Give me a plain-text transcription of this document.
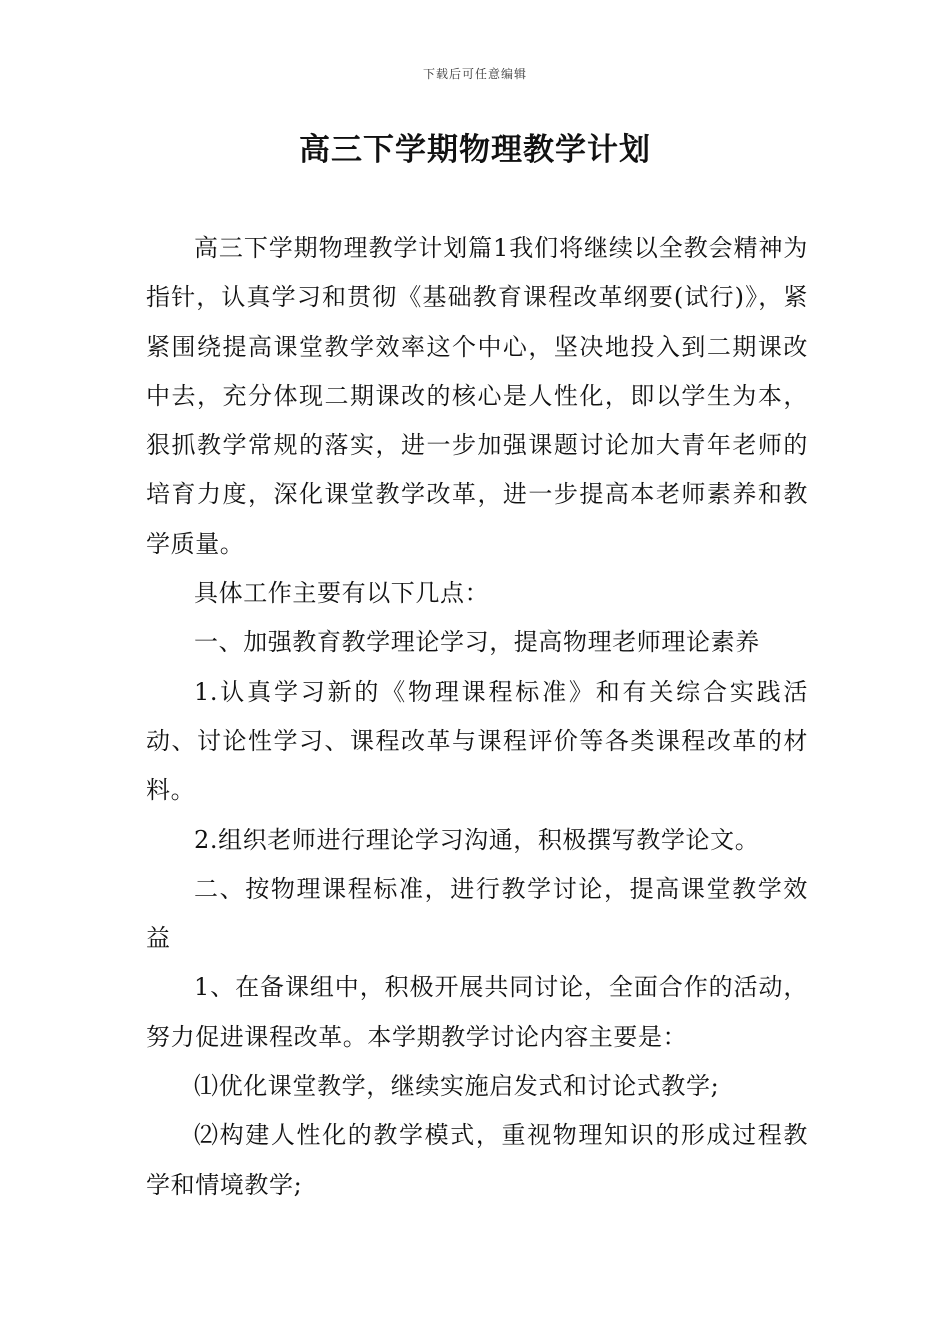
下载后可任意编辑
高三下学期物理教学计划

高三下学期物理教学计划篇1我们将继续以全教会精神为指针，认真学习和贯彻《基础教育课程改革纲要(试行)》，紧紧围绕提高课堂教学效率这个中心，坚决地投入到二期课改中去，充分体现二期课改的核心是人性化，即以学生为本，狠抓教学常规的落实，进一步加强课题讨论加大青年老师的培育力度，深化课堂教学改革，进一步提高本老师素养和教学质量。

具体工作主要有以下几点：

一、加强教育教学理论学习，提高物理老师理论素养

1.认真学习新的《物理课程标准》和有关综合实践活动、讨论性学习、课程改革与课程评价等各类课程改革的材料。

2.组织老师进行理论学习沟通，积极撰写教学论文。

二、按物理课程标准，进行教学讨论，提高课堂教学效益

1、在备课组中，积极开展共同讨论，全面合作的活动，努力促进课程改革。本学期教学讨论内容主要是：

⑴优化课堂教学，继续实施启发式和讨论式教学;

⑵构建人性化的教学模式，重视物理知识的形成过程教学和情境教学;
